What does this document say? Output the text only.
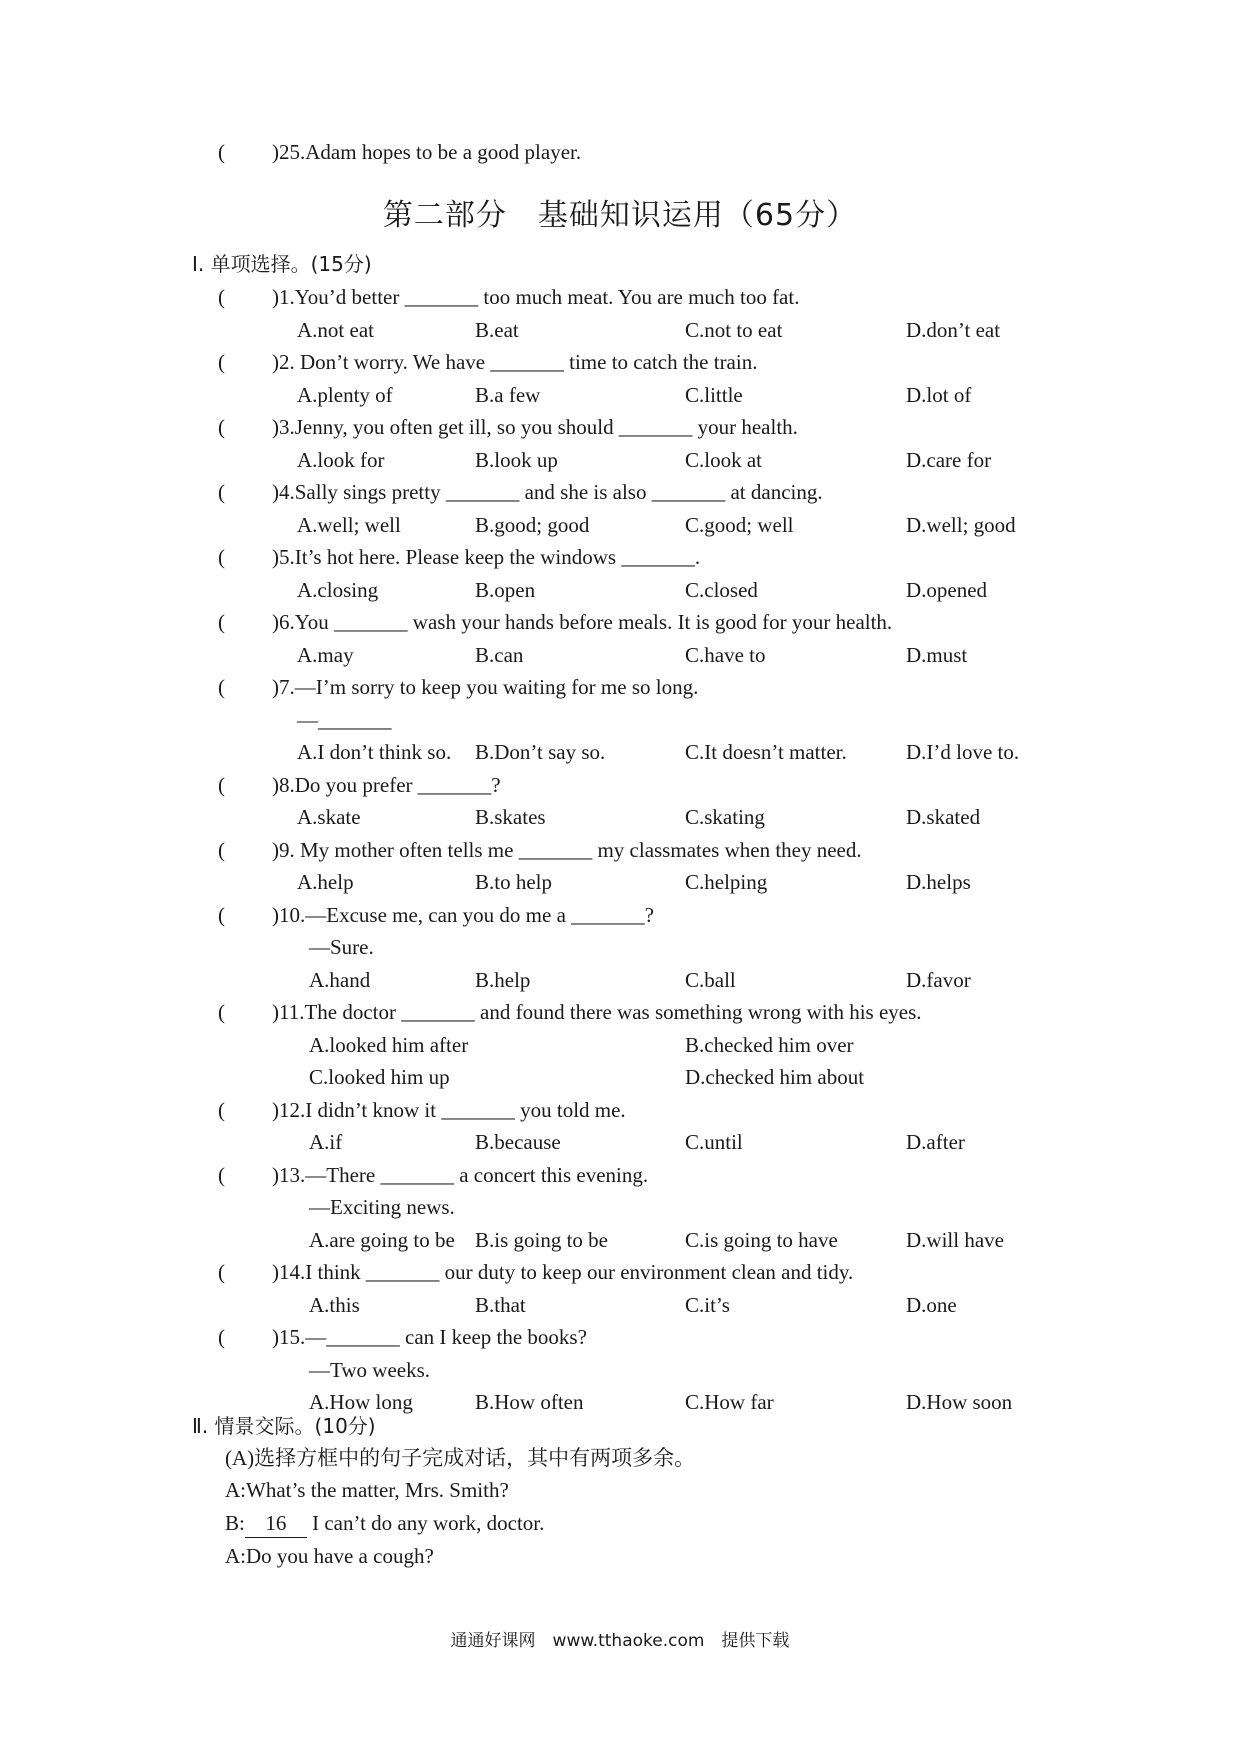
( )25.Adam hopes to be a good player.
第二部分　基础知识运用（65分）
Ⅰ. 单项选择。(15分)
( )1.You’d better _______ too much meat. You are much too fat.
A.not eat	B.eat	C.not to eat	D.don’t eat
( )2. Don’t worry. We have _______ time to catch the train.
A.plenty of	B.a few	C.little	D.lot of
( )3.Jenny, you often get ill, so you should _______ your health.
A.look for	B.look up	C.look at	D.care for
( )4.Sally sings pretty _______ and she is also _______ at dancing.
A.well; well	B.good; good	C.good; well	D.well; good
( )5.It’s hot here. Please keep the windows _______.
A.closing	B.open	C.closed	D.opened
( )6.You _______ wash your hands before meals. It is good for your health.
A.may	B.can	C.have to	D.must
( )7.—I’m sorry to keep you waiting for me so long.
—_______
A.I don’t think so. B.Don’t say so.	C.It doesn’t matter.	D.I’d love to.
( )8.Do you prefer _______?
A.skate	B.skates	C.skating	D.skated
( )9. My mother often tells me _______ my classmates when they need.
A.help	B.to help	C.helping	D.helps
( )10.—Excuse me, can you do me a _______?
—Sure.
A.hand	B.help	C.ball	D.favor
( )11.The doctor _______ and found there was something wrong with his eyes.
A.looked him after	B.checked him over
C.looked him up	D.checked him about
( )12.I didn’t know it _______ you told me.
A.if	B.because	C.until	D.after
( )13.—There _______ a concert this evening.
—Exciting news.
A.are going to be B.is going to be	C.is going to have	D.will have
( )14.I think _______ our duty to keep our environment clean and tidy.
A.this	B.that	C.it’s	D.one
( )15.—_______ can I keep the books?
—Two weeks.
A.How long	B.How often	C.How far	D.How soon
Ⅱ. 情景交际。(10分)
(A)选择方框中的句子完成对话，其中有两项多余。
A:What’s the matter, Mrs. Smith?
B: 16 I can’t do any work, doctor.
A:Do you have a cough?
通通好课网　www.tthaoke.com　提供下载
